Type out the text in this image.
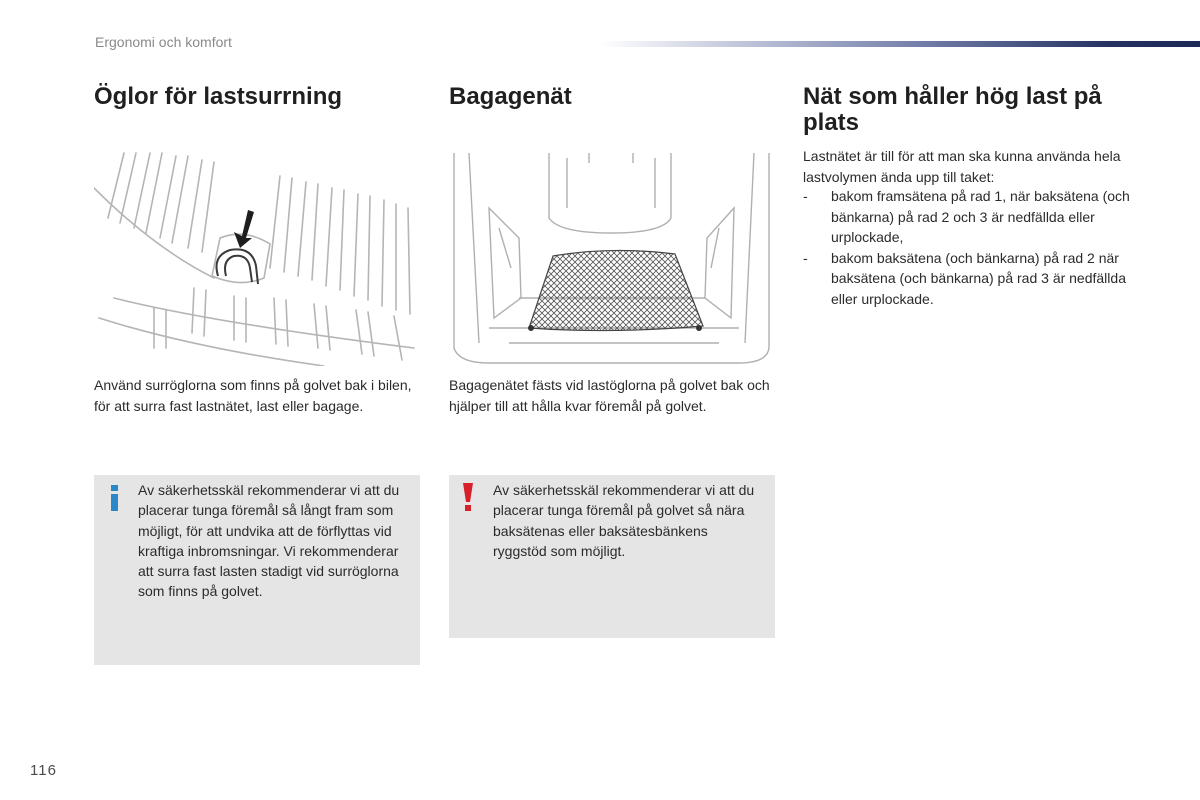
Ergonomi och komfort
Öglor för lastsurrning

Använd surröglorna som finns på golvet bak i bilen, för att surra fast lastnätet, last eller bagage.

Av säkerhetsskäl rekommenderar vi att du placerar tunga föremål så långt fram som möjligt, för att undvika att de förflyttas vid kraftiga inbromsningar. Vi rekommenderar att surra fast lasten stadigt vid surröglorna som finns på golvet.

Bagagenät

Bagagenätet fästs vid lastöglorna på golvet bak och hjälper till att hålla kvar föremål på golvet.

Av säkerhetsskäl rekommenderar vi att du placerar tunga föremål på golvet så nära baksätenas eller baksätesbänkens ryggstöd som möjligt.

Nät som håller hög last på plats

Lastnätet är till för att man ska kunna använda hela lastvolymen ända upp till taket:

- bakom framsätena på rad 1, när baksätena (och bänkarna) på rad 2 och 3 är nedfällda eller urplockade,
- bakom baksätena (och bänkarna) på rad 2 när baksätena (och bänkarna) på rad 3 är nedfällda eller urplockade.
116
